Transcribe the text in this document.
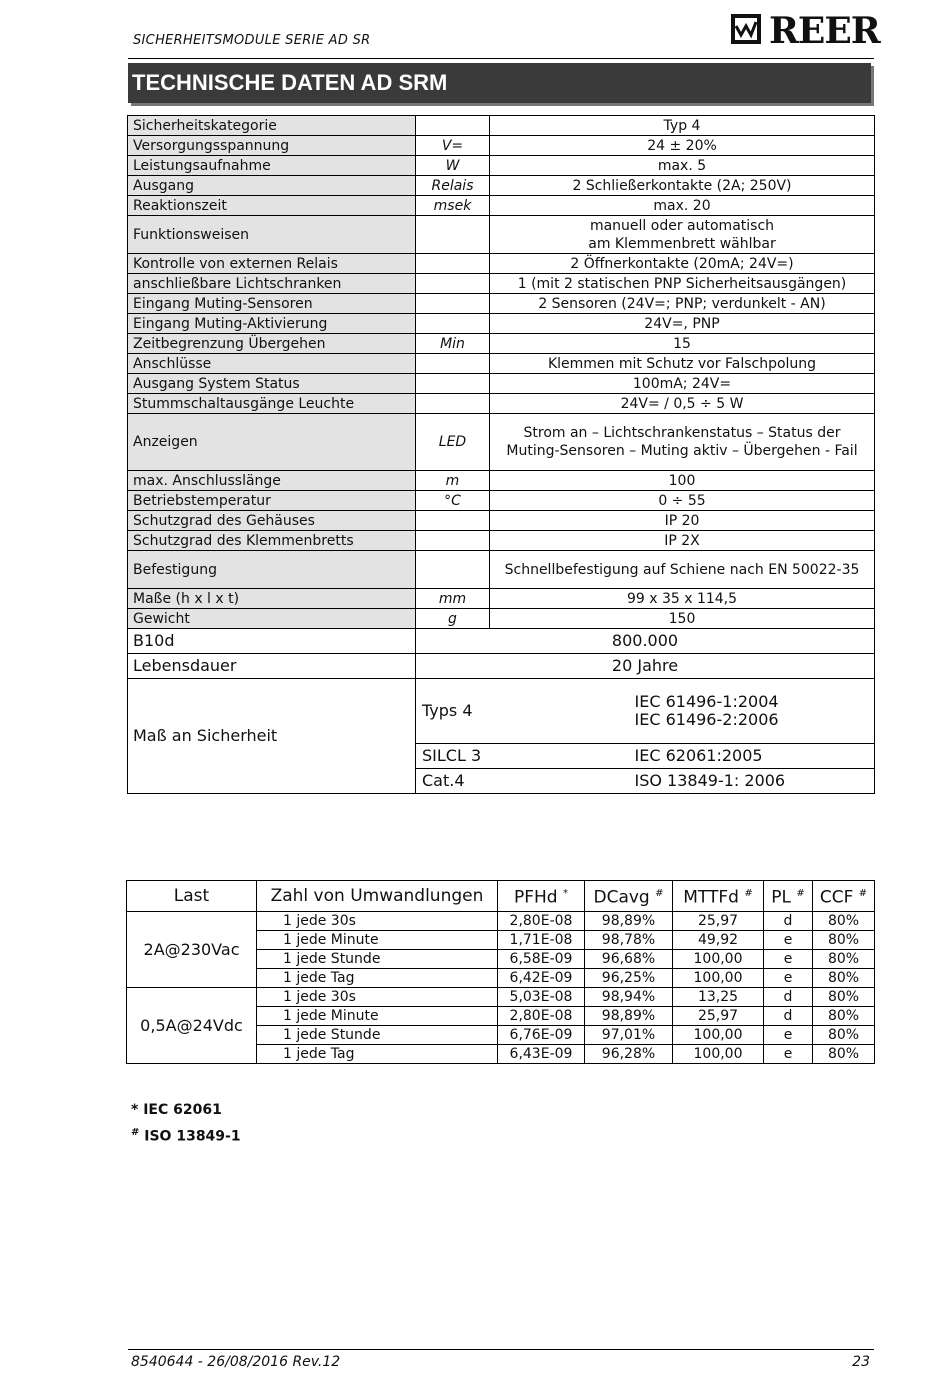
SICHERHEITSMODULE SERIE AD SR	REER
TECHNISCHE DATEN AD SRM
Sicherheitskategorie		Typ 4
Versorgungsspannung	V=	24 ± 20%
Leistungsaufnahme	W	max. 5
Ausgang	Relais	2 Schließerkontakte (2A; 250V)
Reaktionszeit	msek	max. 20
Funktionsweisen		manuell oder automatisch
am Klemmenbrett wählbar
Kontrolle von externen Relais		2 Öffnerkontakte (20mA; 24V=)
anschließbare Lichtschranken		1 (mit 2 statischen PNP Sicherheitsausgängen)
Eingang Muting-Sensoren		2 Sensoren (24V=; PNP; verdunkelt - AN)
Eingang Muting-Aktivierung		24V=, PNP
Zeitbegrenzung Übergehen	Min	15
Anschlüsse		Klemmen mit Schutz vor Falschpolung
Ausgang System Status		100mA; 24V=
Stummschaltausgänge Leuchte		24V= / 0,5 ÷ 5 W
Anzeigen	LED	Strom an – Lichtschrankenstatus – Status der Muting-Sensoren – Muting aktiv – Übergehen - Fail
max. Anschlusslänge	m	100
Betriebstemperatur	°C	0 ÷ 55
Schutzgrad des Gehäuses		IP 20
Schutzgrad des Klemmenbretts		IP 2X
Befestigung		Schnellbefestigung auf Schiene nach EN 50022-35
Maße (h x l x t)	mm	99 x 35 x 114,5
Gewicht	g	150
B10d	800.000	
Lebensdauer	20 Jahre	
Maß an Sicherheit	Typs 4	IEC 61496-1:2004
IEC 61496-2:2006
	SILCL 3	IEC 62061:2005
	Cat.4	ISO 13849-1: 2006
Last	Zahl von Umwandlungen	PFHd *	DCavg #	MTTFd #	PL #	CCF #
2A@230Vac	1 jede 30s	2,80E-08	98,89%	25,97	d	80%
	1 jede Minute	1,71E-08	98,78%	49,92	e	80%
	1 jede Stunde	6,58E-09	96,68%	100,00	e	80%
	1 jede Tag	6,42E-09	96,25%	100,00	e	80%
0,5A@24Vdc	1 jede 30s	5,03E-08	98,94%	13,25	d	80%
	1 jede Minute	2,80E-08	98,89%	25,97	d	80%
	1 jede Stunde	6,76E-09	97,01%	100,00	e	80%
	1 jede Tag	6,43E-09	96,28%	100,00	e	80%
* IEC 62061
# ISO 13849-1
8540644 - 26/08/2016 Rev.12	23
